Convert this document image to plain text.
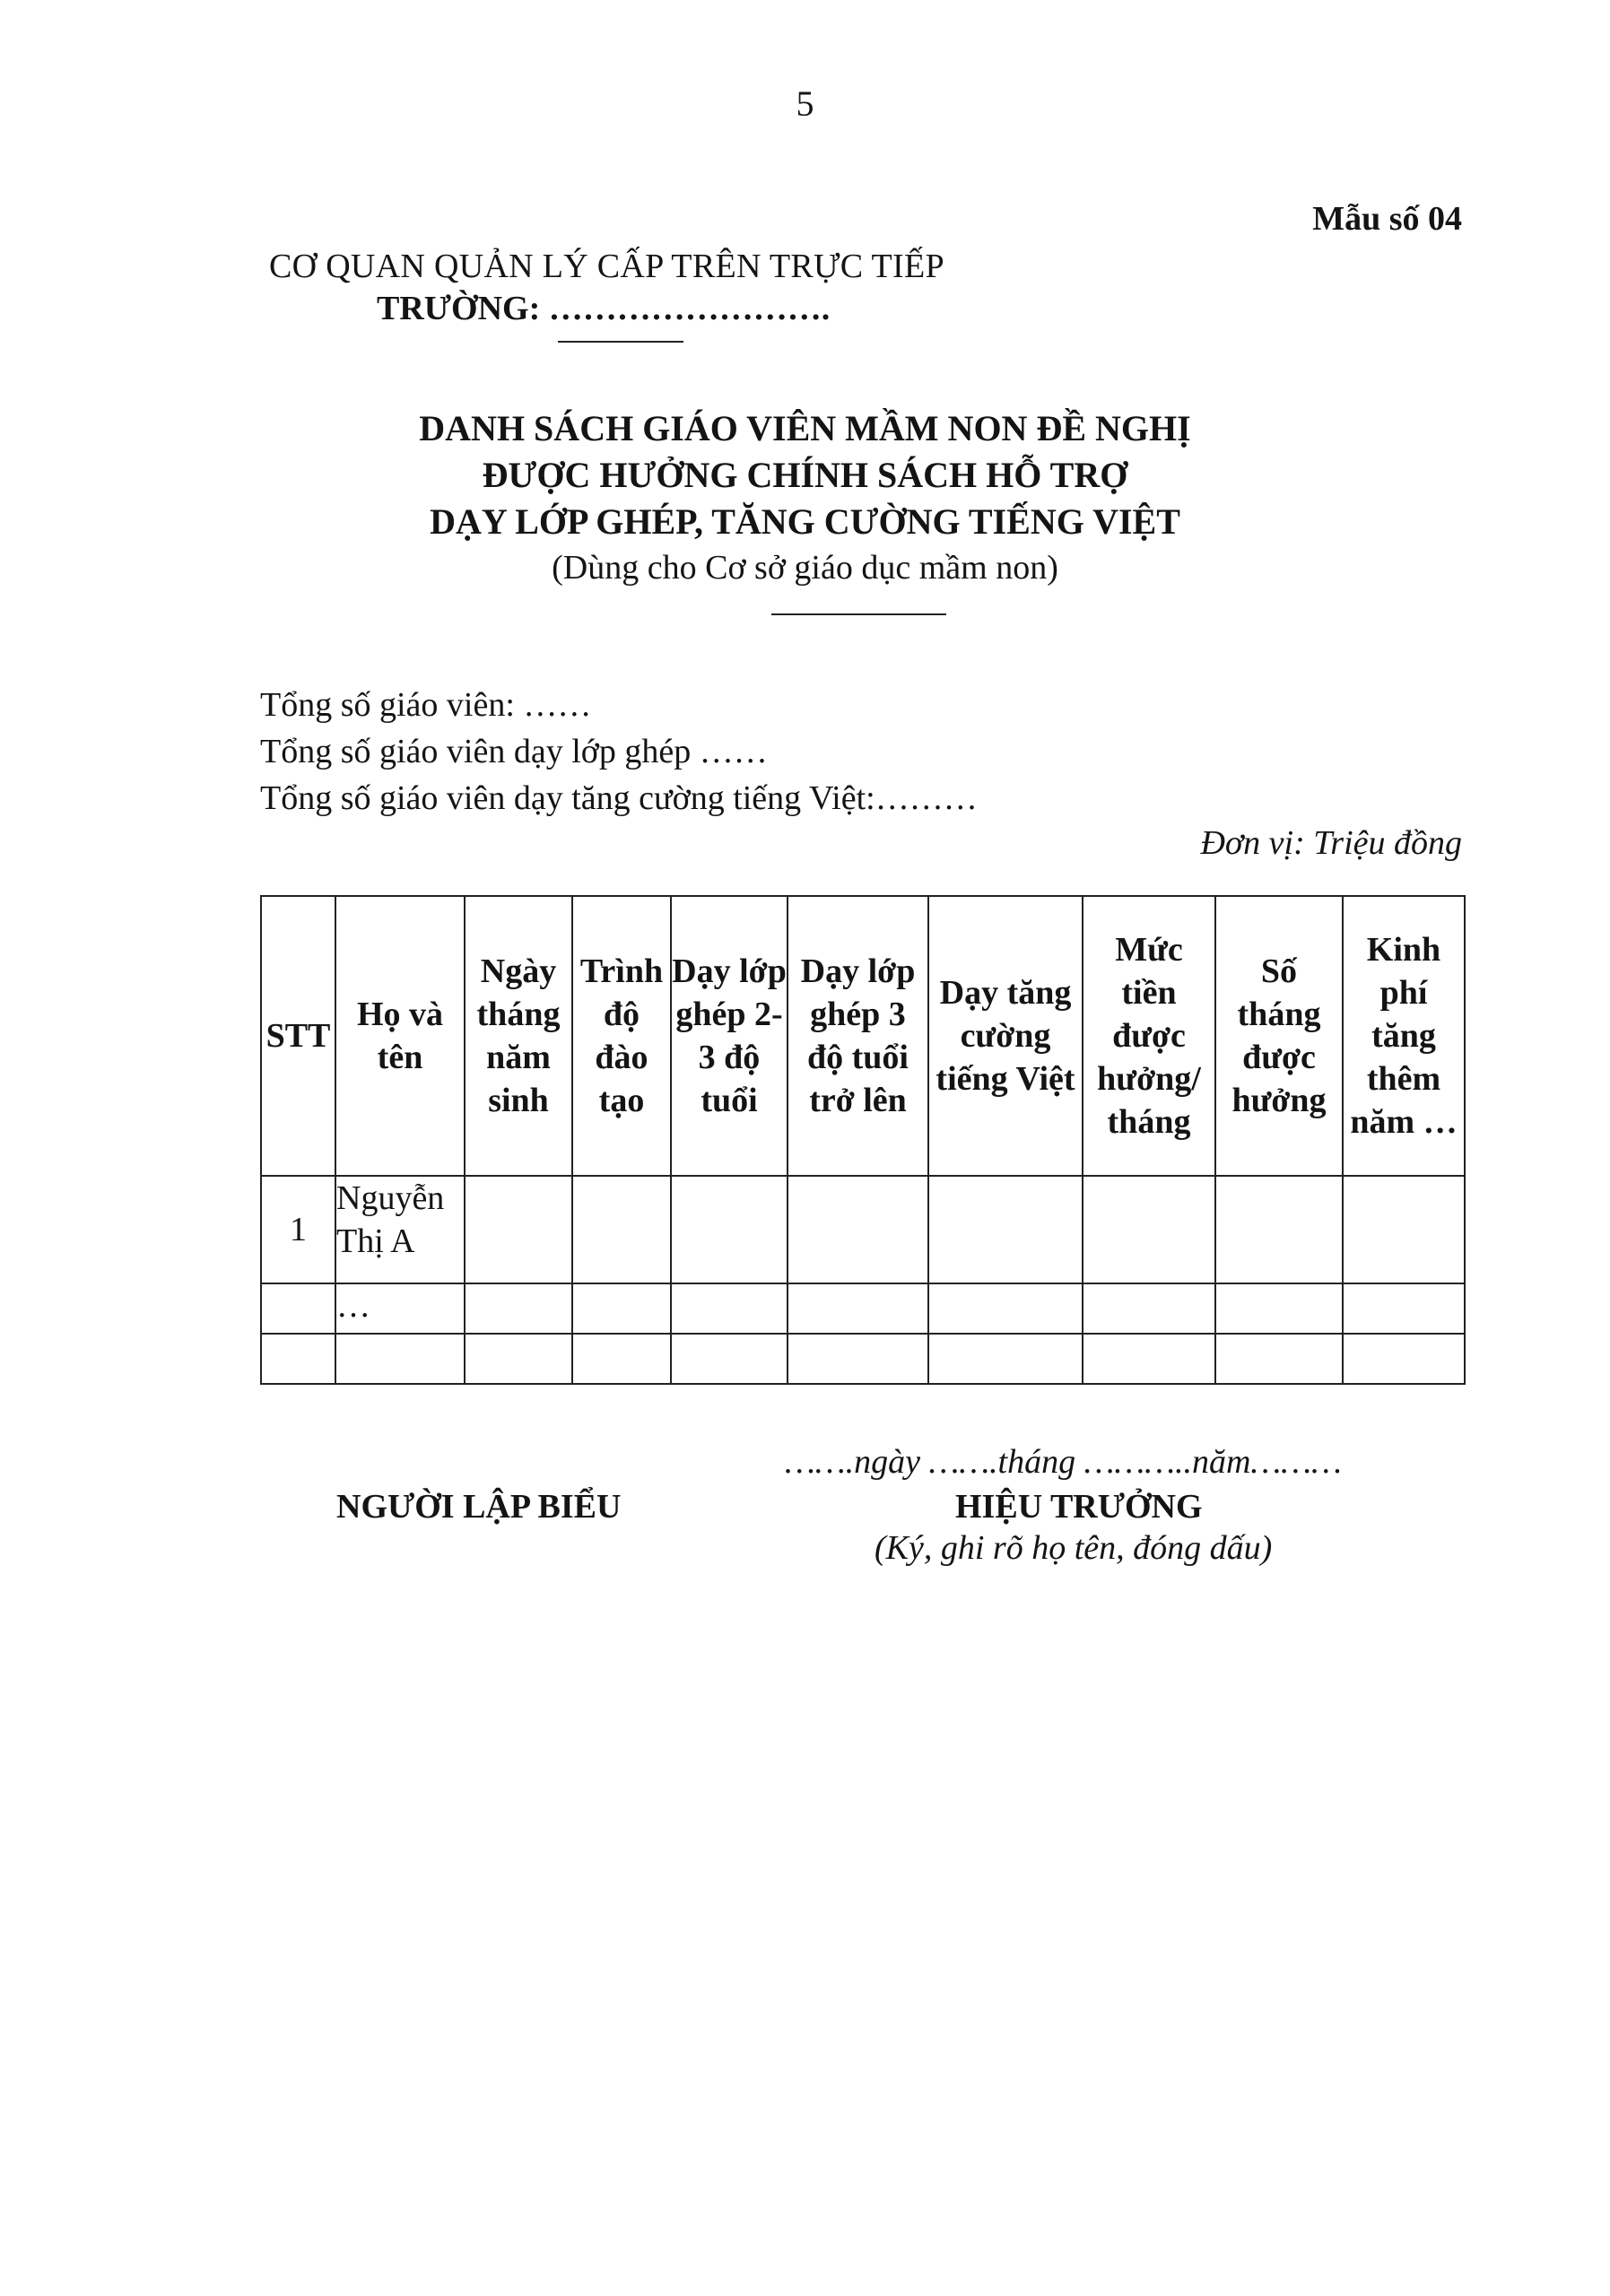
5
Mẫu số 04
CƠ QUAN QUẢN LÝ CẤP TRÊN TRỰC TIẾP
TRƯỜNG: …………………….
DANH SÁCH GIÁO VIÊN MẦM NON ĐỀ NGHỊ
ĐƯỢC HƯỞNG CHÍNH SÁCH HỖ TRỢ
DẠY LỚP GHÉP, TĂNG CƯỜNG TIẾNG VIỆT
(Dùng cho Cơ sở giáo dục mầm non)
Tổng số giáo viên: ……
Tổng số giáo viên dạy lớp ghép ……
Tổng số giáo viên dạy tăng cường tiếng Việt:………
Đơn vị: Triệu đồng
STT	Họ và tên	Ngày tháng năm sinh	Trình độ đào tạo	Dạy lớp ghép 2-3 độ tuổi	Dạy lớp ghép 3 độ tuổi trở lên	Dạy tăng cường tiếng Việt	Mức tiền được hưởng/ tháng	Số tháng được hưởng	Kinh phí tăng thêm năm …
1	Nguyễn Thị A								
	…								

…….ngày …….tháng ………..năm………
NGƯỜI LẬP BIỂU	HIỆU TRƯỞNG
(Ký, ghi rõ họ tên, đóng dấu)
